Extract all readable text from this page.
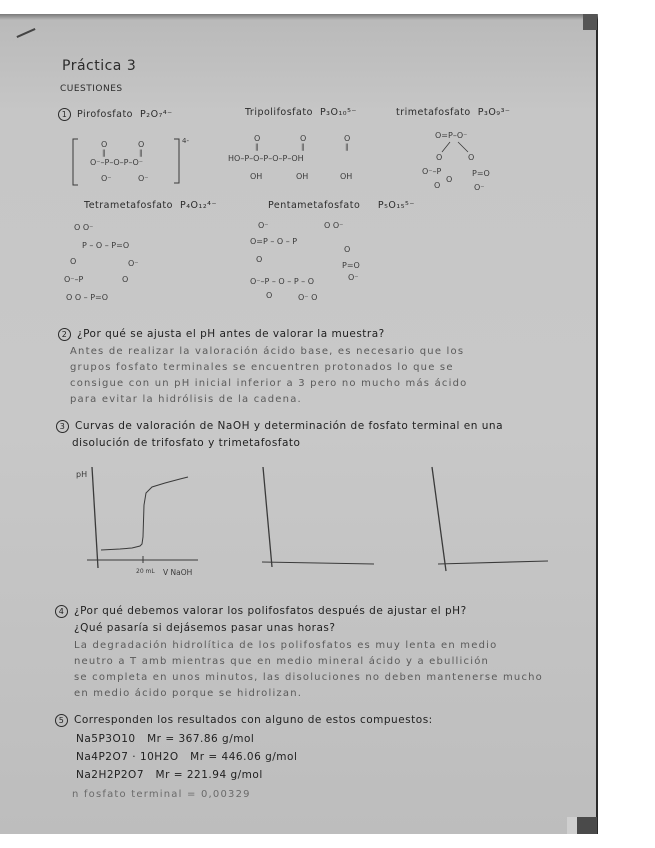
Práctica 3
CUESTIONES
1 Pirofosfato P₂O₇⁴⁻	Tripolifosfato P₃O₁₀⁵⁻	trimetafosfato P₃O₉³⁻
Tetrametafosfato P₄O₁₂⁴⁻	Pentametafosfato P₅O₁₅⁵⁻
4-
O⁻–P–O–P–O⁻
O	O
‖	‖
O⁻	O⁻
O	O	O
‖	‖	‖
HO–P–O–P–O–P–OH
OH	OH	OH
O=P–O⁻
O	O
O⁻–P	P=O
O
O	O⁻
O O⁻
P – O – P=O
O	O⁻
O⁻–P	O
O O – P=O
O⁻	O O⁻
O=P – O – P
O
O
P=O
O⁻
O⁻–P – O – P – O
O	O⁻ O
2 ¿Por qué se ajusta el pH antes de valorar la muestra?
Antes de realizar la valoración ácido base, es necesario que los
grupos fosfato terminales se encuentren protonados lo que se
consigue con un pH inicial inferior a 3 pero no mucho más ácido
para evitar la hidrólisis de la cadena.
3 Curvas de valoración de NaOH y determinación de fosfato terminal en una
disolución de trifosfato y trimetafosfato
pH
20 mL V NaOH
4 ¿Por qué debemos valorar los polifosfatos después de ajustar el pH?
¿Qué pasaría si dejásemos pasar unas horas?
La degradación hidrolítica de los polifosfatos es muy lenta en medio
neutro a T amb mientras que en medio mineral ácido y a ebullición
se completa en unos minutos, las disoluciones no deben mantenerse mucho
en medio ácido porque se hidrolizan.
5 Corresponden los resultados con alguno de estos compuestos:
Na5P3O10 Mr = 367.86 g/mol
Na4P2O7 · 10H2O Mr = 446.06 g/mol
Na2H2P2O7 Mr = 221.94 g/mol
n fosfato terminal = 0,00329
